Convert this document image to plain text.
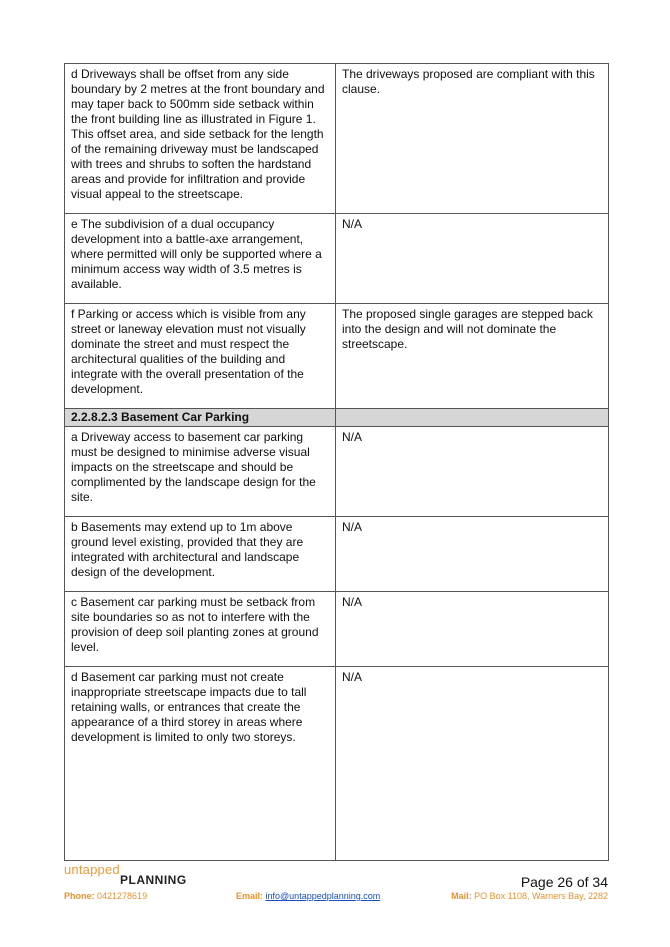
d Driveways shall be offset from any side boundary by 2 metres at the front boundary and may taper back to 500mm side setback within the front building line as illustrated in Figure 1. This offset area, and side setback for the length of the remaining driveway must be landscaped with trees and shrubs to soften the hardstand areas and provide for infiltration and provide visual appeal to the streetscape.	The driveways proposed are compliant with this clause.
e The subdivision of a dual occupancy development into a battle-axe arrangement, where permitted will only be supported where a minimum access way width of 3.5 metres is available.	N/A
f Parking or access which is visible from any street or laneway elevation must not visually dominate the street and must respect the architectural qualities of the building and integrate with the overall presentation of the development.	The proposed single garages are stepped back into the design and will not dominate the streetscape.
2.2.8.2.3 Basement Car Parking	
a Driveway access to basement car parking must be designed to minimise adverse visual impacts on the streetscape and should be complimented by the landscape design for the site.	N/A
b Basements may extend up to 1m above ground level existing, provided that they are integrated with architectural and landscape design of the development.	N/A
c Basement car parking must be setback from site boundaries so as not to interfere with the provision of deep soil planting zones at ground level.	N/A
d Basement car parking must not create inappropriate streetscape impacts due to tall retaining walls, or entrances that create the appearance of a third storey in areas where development is limited to only two storeys.	N/A
untapped
PLANNING	Page 26 of 34
Phone: 0421278619	Email: info@untappedplanning.com	Mail: PO Box 1108, Warners Bay, 2282
